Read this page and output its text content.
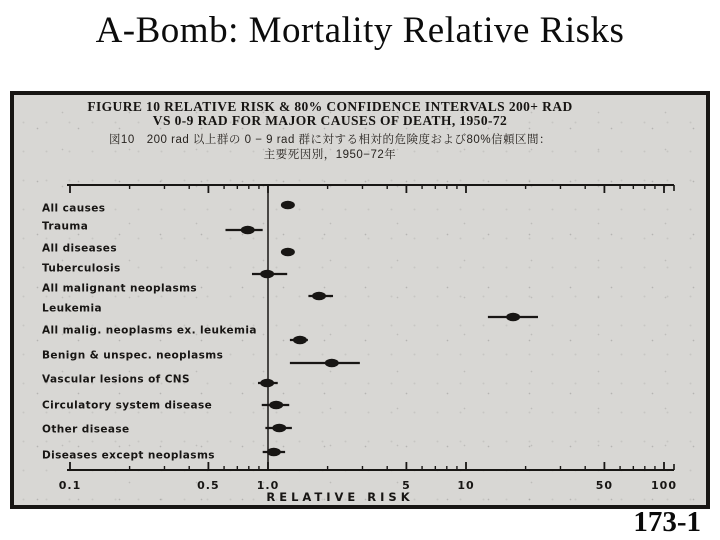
A-Bomb: Mortality Relative Risks
FIGURE 10 RELATIVE RISK & 80% CONFIDENCE INTERVALS 200+ RAD
VS 0-9 RAD FOR MAJOR CAUSES OF DEATH, 1950-72
図10　200 rad 以上群の 0 − 9 rad 群に対する相対的危険度および80%信頼区間：
主要死因別，1950−72年
0.1	0.5	1.0	5	10	50	100
All causes
Trauma
All diseases
Tuberculosis
All malignant neoplasms
Leukemia
All malig. neoplasms ex. leukemia
Benign & unspec. neoplasms
Vascular lesions of CNS
Circulatory system disease
Other disease
Diseases except neoplasms
RELATIVE RISK
173-1
